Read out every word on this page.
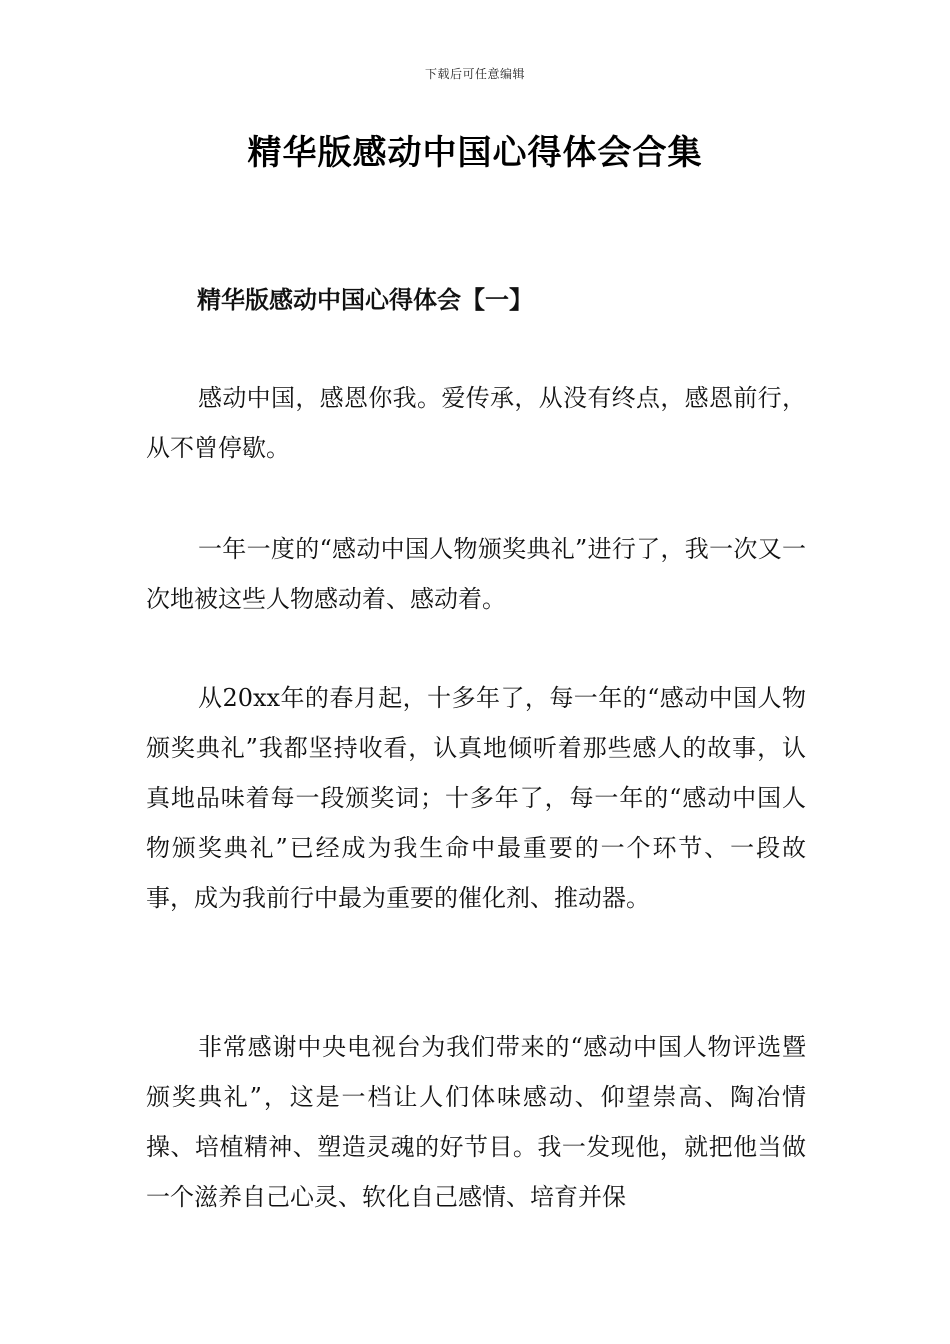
下载后可任意编辑
精华版感动中国心得体会合集
精华版感动中国心得体会【一】

感动中国，感恩你我。爱传承，从没有终点，感恩前行，从不曾停歇。

一年一度的“感动中国人物颁奖典礼”进行了，我一次又一次地被这些人物感动着、感动着。

从20xx年的春月起，十多年了，每一年的“感动中国人物颁奖典礼”我都坚持收看，认真地倾听着那些感人的故事，认真地品味着每一段颁奖词；十多年了，每一年的“感动中国人物颁奖典礼”已经成为我生命中最重要的一个环节、一段故事，成为我前行中最为重要的催化剂、推动器。

非常感谢中央电视台为我们带来的“感动中国人物评选暨颁奖典礼”，这是一档让人们体味感动、仰望崇高、陶冶情操、培植精神、塑造灵魂的好节目。我一发现他，就把他当做一个滋养自己心灵、软化自己感情、培育并保
